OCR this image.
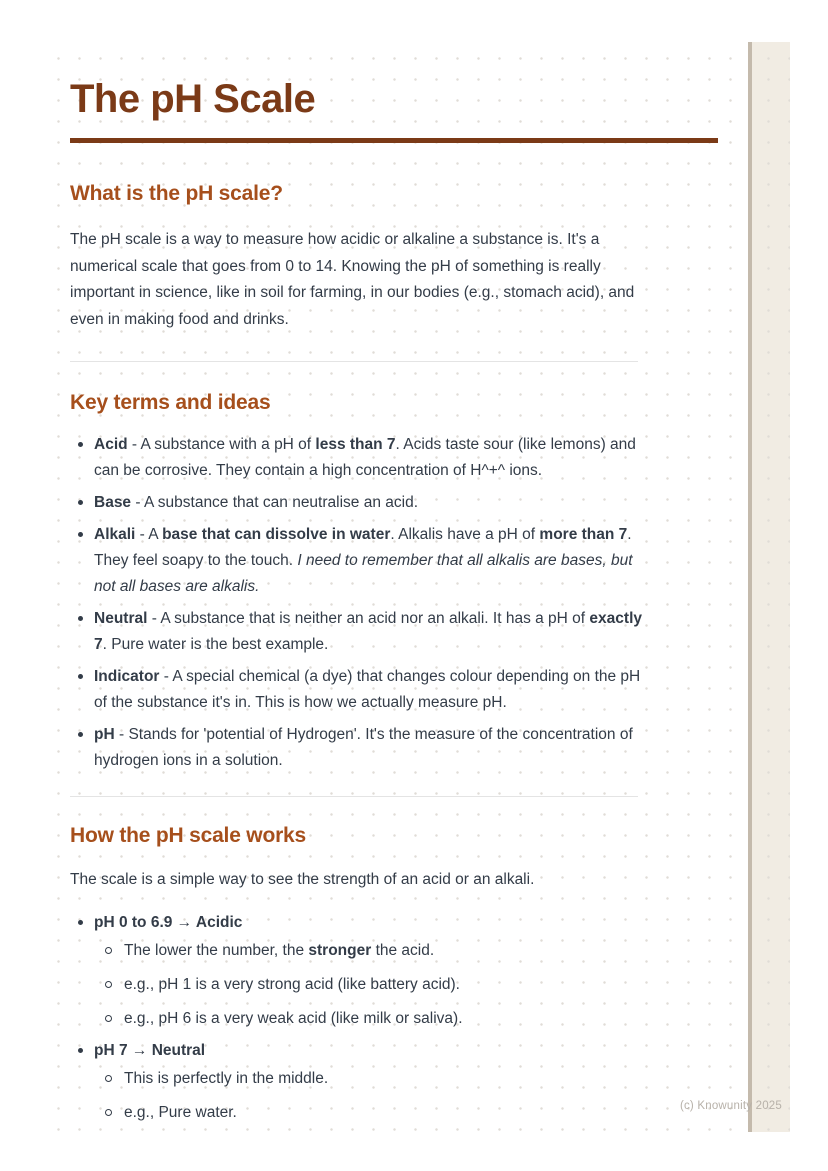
The pH Scale
What is the pH scale?

The pH scale is a way to measure how acidic or alkaline a substance is. It's a numerical scale that goes from 0 to 14. Knowing the pH of something is really important in science, like in soil for farming, in our bodies (e.g., stomach acid), and even in making food and drinks.

Key terms and ideas
Acid - A substance with a pH of less than 7. Acids taste sour (like lemons) and can be corrosive. They contain a high concentration of H^+^ ions.
Base - A substance that can neutralise an acid.
Alkali - A base that can dissolve in water. Alkalis have a pH of more than 7. They feel soapy to the touch. I need to remember that all alkalis are bases, but not all bases are alkalis.
Neutral - A substance that is neither an acid nor an alkali. It has a pH of exactly 7. Pure water is the best example.
Indicator - A special chemical (a dye) that changes colour depending on the pH of the substance it's in. This is how we actually measure pH.
pH - Stands for 'potential of Hydrogen'. It's the measure of the concentration of hydrogen ions in a solution.
How the pH scale works

The scale is a simple way to see the strength of an acid or an alkali.

pH 0 to 6.9 → Acidic
The lower the number, the stronger the acid.
e.g., pH 1 is a very strong acid (like battery acid).
e.g., pH 6 is a very weak acid (like milk or saliva).
pH 7 → Neutral
This is perfectly in the middle.
e.g., Pure water.	(c) Knowunity 2025
